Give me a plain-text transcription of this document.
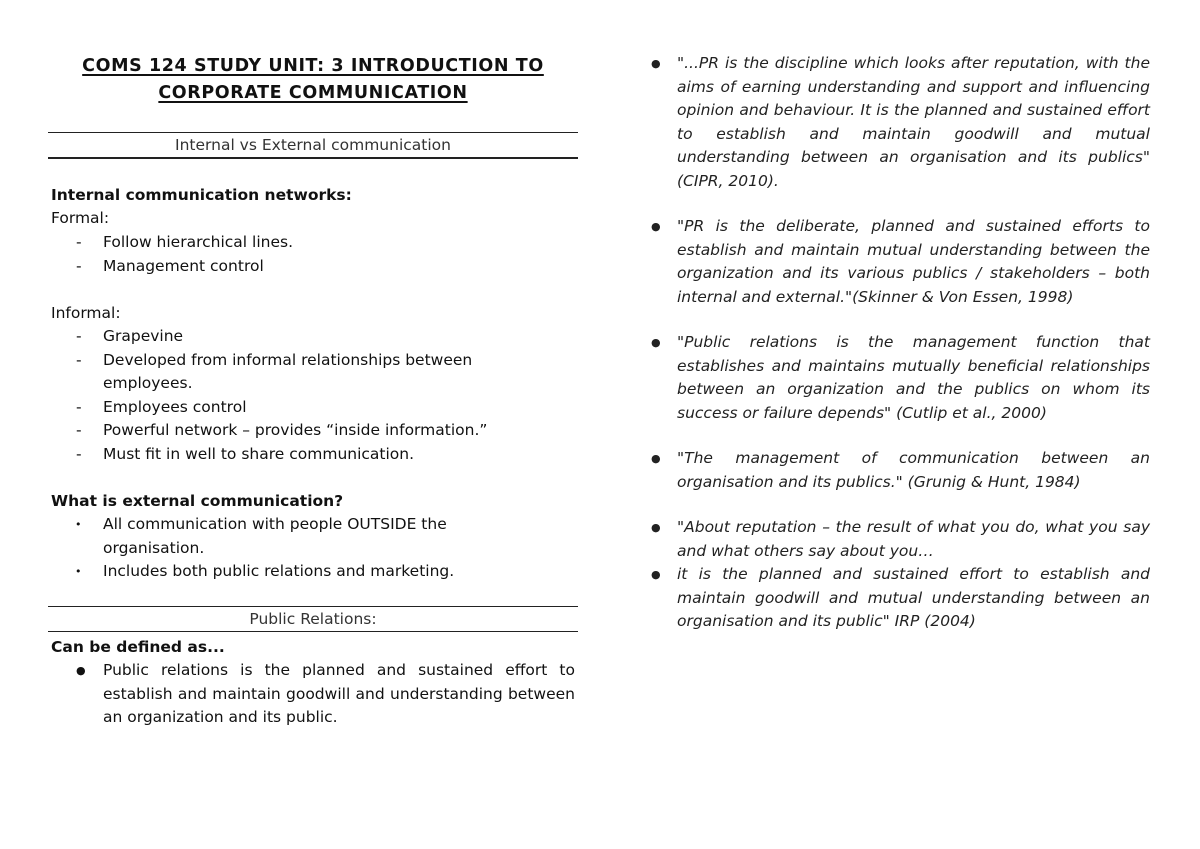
COMS 124 STUDY UNIT: 3 INTRODUCTION TO CORPORATE COMMUNICATION
Internal vs External communication
Internal communication networks:
Formal:
- Follow hierarchical lines.
- Management control
Informal:
- Grapevine
- Developed from informal relationships between employees.
- Employees control
- Powerful network – provides “inside information.”
- Must fit in well to share communication.
What is external communication?
• All communication with people OUTSIDE the organisation.
• Includes both public relations and marketing.
Public Relations:
Can be defined as...
● Public relations is the planned and sustained effort to establish and maintain goodwill and understanding between an organization and its public.
● "...PR is the discipline which looks after reputation, with the aims of earning understanding and support and influencing opinion and behaviour. It is the planned and sustained effort to establish and maintain goodwill and mutual understanding between an organisation and its publics" (CIPR, 2010).
● "PR is the deliberate, planned and sustained efforts to establish and maintain mutual understanding between the organization and its various publics / stakeholders – both internal and external."(Skinner & Von Essen, 1998)
● "Public relations is the management function that establishes and maintains mutually beneficial relationships between an organization and the publics on whom its success or failure depends" (Cutlip et al., 2000)
● "The management of communication between an organisation and its publics." (Grunig & Hunt, 1984)
● "About reputation – the result of what you do, what you say and what others say about you…
● it is the planned and sustained effort to establish and maintain goodwill and mutual understanding between an organisation and its public" IRP (2004)
